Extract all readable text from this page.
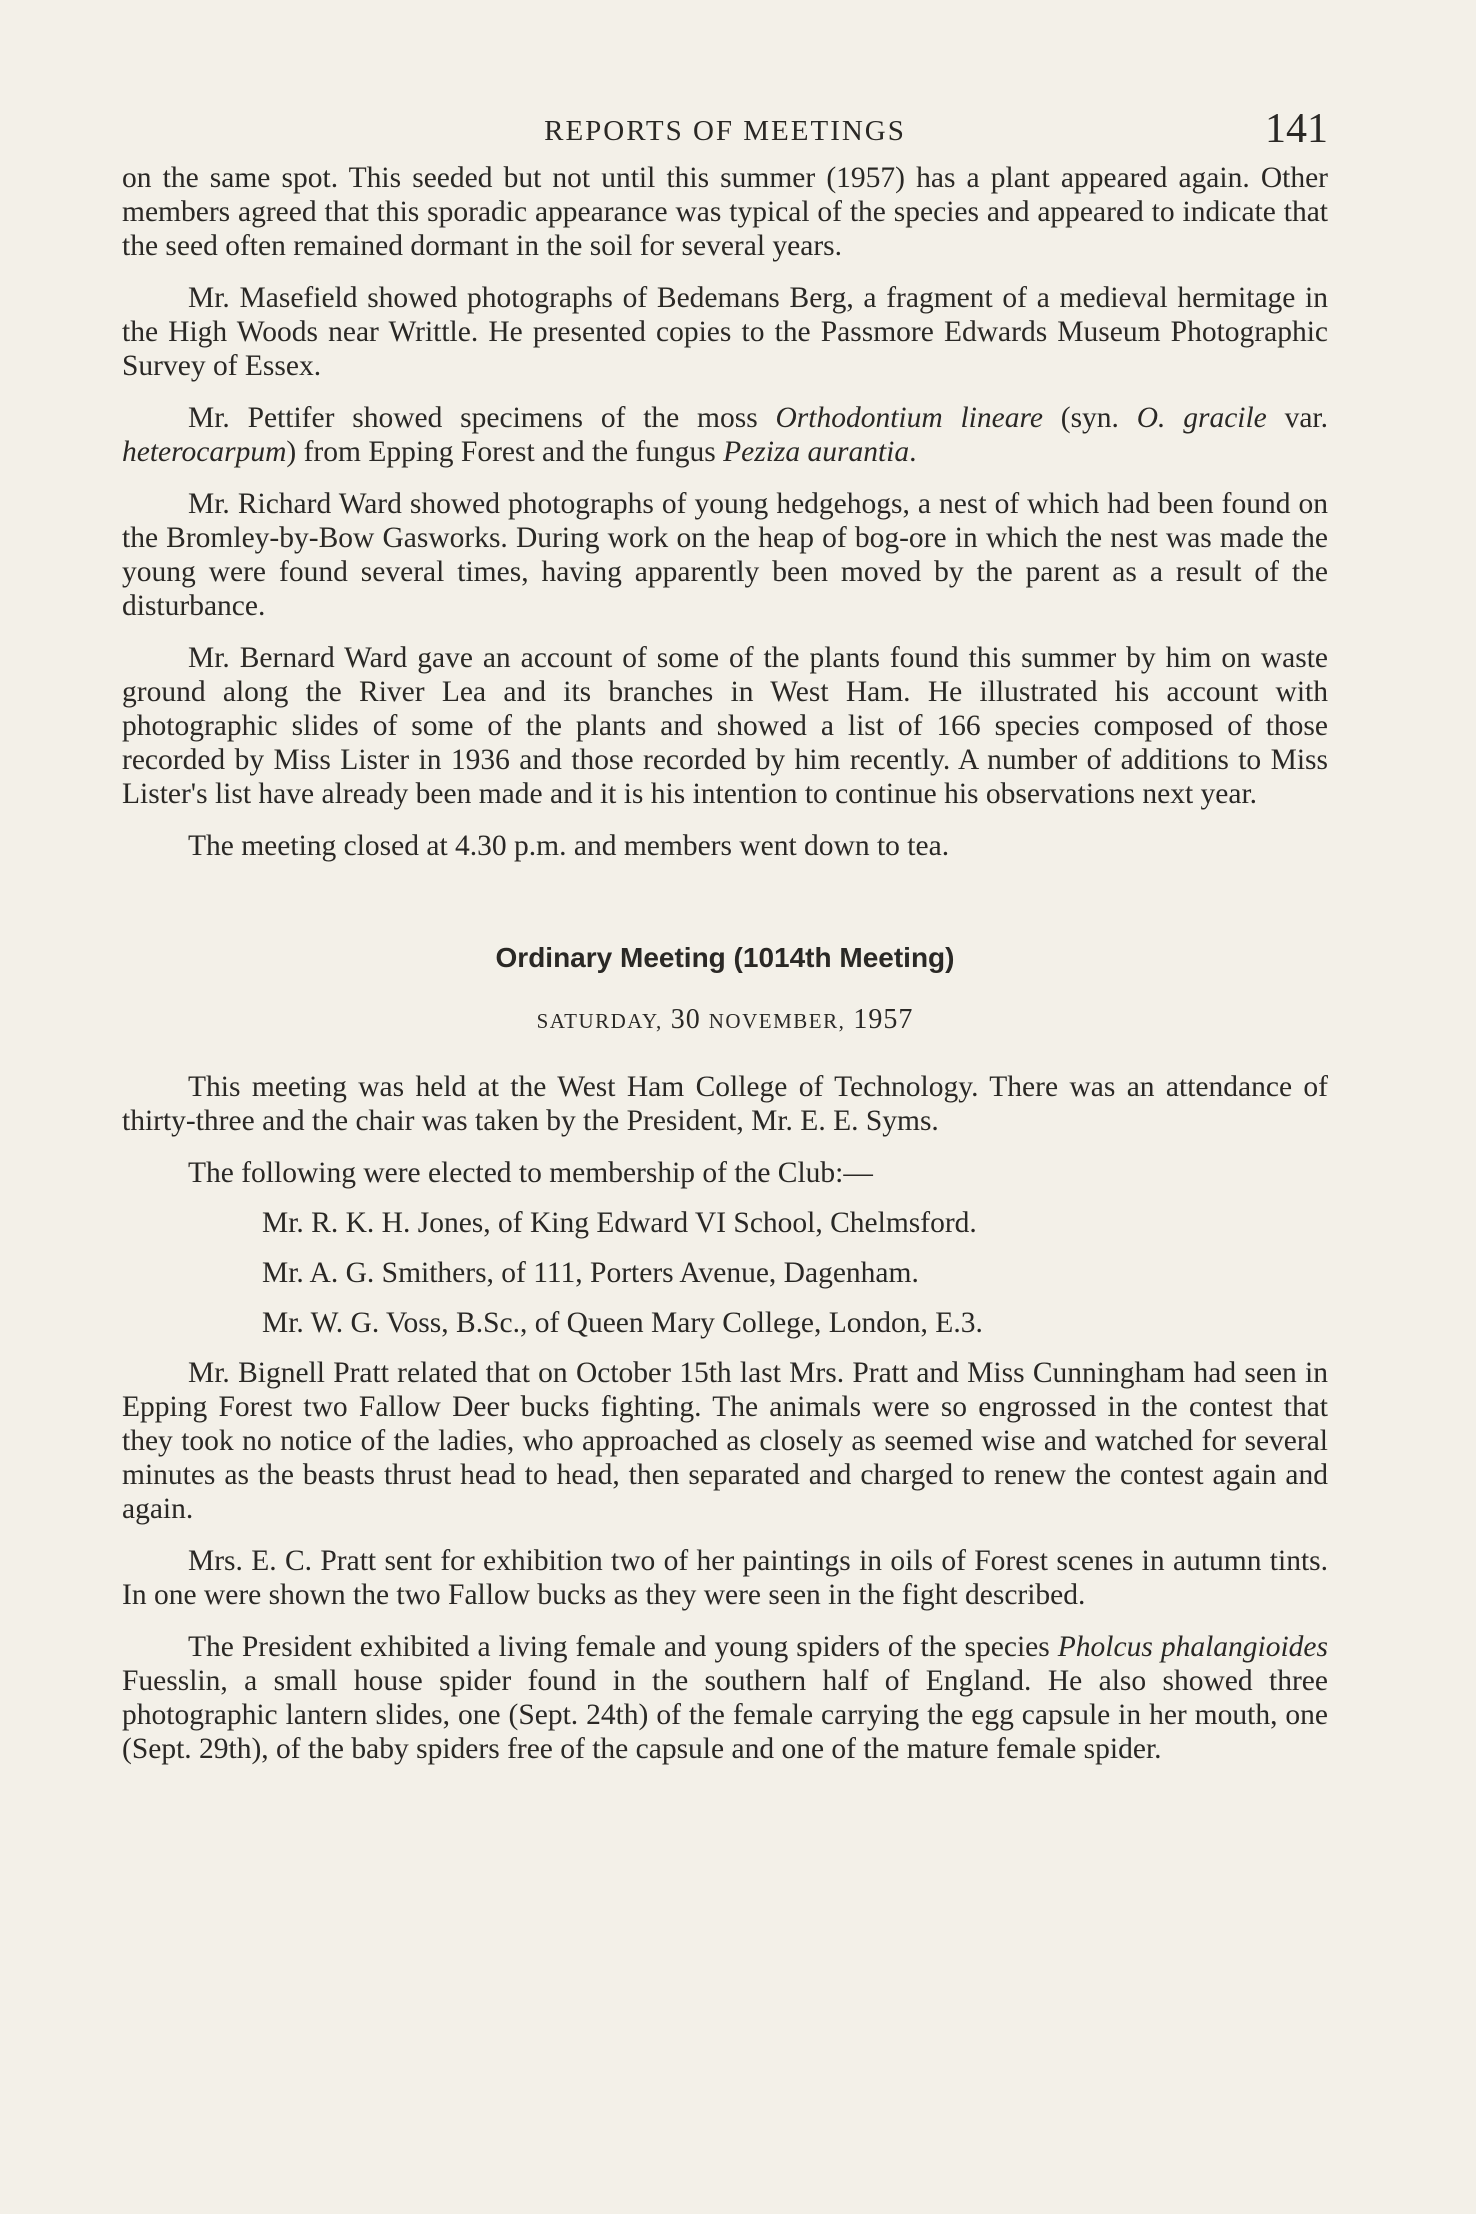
REPORTS OF MEETINGS	141

on the same spot. This seeded but not until this summer (1957) has a plant appeared again. Other members agreed that this sporadic appearance was typical of the species and appeared to indicate that the seed often remained dormant in the soil for several years.

Mr. Masefield showed photographs of Bedemans Berg, a fragment of a medieval hermitage in the High Woods near Writtle. He presented copies to the Passmore Edwards Museum Photographic Survey of Essex.

Mr. Pettifer showed specimens of the moss Orthodontium lineare (syn. O. gracile var. heterocarpum) from Epping Forest and the fungus Peziza aurantia.

Mr. Richard Ward showed photographs of young hedgehogs, a nest of which had been found on the Bromley-by-Bow Gasworks. During work on the heap of bog-ore in which the nest was made the young were found several times, having apparently been moved by the parent as a result of the disturbance.

Mr. Bernard Ward gave an account of some of the plants found this summer by him on waste ground along the River Lea and its branches in West Ham. He illustrated his account with photographic slides of some of the plants and showed a list of 166 species composed of those recorded by Miss Lister in 1936 and those recorded by him recently. A number of additions to Miss Lister's list have already been made and it is his intention to continue his observations next year.

The meeting closed at 4.30 p.m. and members went down to tea.

Ordinary Meeting (1014th Meeting)
SATURDAY, 30 NOVEMBER, 1957

This meeting was held at the West Ham College of Technology. There was an attendance of thirty-three and the chair was taken by the President, Mr. E. E. Syms.

The following were elected to membership of the Club:—

Mr. R. K. H. Jones, of King Edward VI School, Chelmsford.
Mr. A. G. Smithers, of 111, Porters Avenue, Dagenham.
Mr. W. G. Voss, B.Sc., of Queen Mary College, London, E.3.

Mr. Bignell Pratt related that on October 15th last Mrs. Pratt and Miss Cunningham had seen in Epping Forest two Fallow Deer bucks fighting. The animals were so engrossed in the contest that they took no notice of the ladies, who approached as closely as seemed wise and watched for several minutes as the beasts thrust head to head, then separated and charged to renew the contest again and again.

Mrs. E. C. Pratt sent for exhibition two of her paintings in oils of Forest scenes in autumn tints. In one were shown the two Fallow bucks as they were seen in the fight described.

The President exhibited a living female and young spiders of the species Pholcus phalangioides Fuesslin, a small house spider found in the southern half of England. He also showed three photographic lantern slides, one (Sept. 24th) of the female carrying the egg capsule in her mouth, one (Sept. 29th), of the baby spiders free of the capsule and one of the mature female spider.
